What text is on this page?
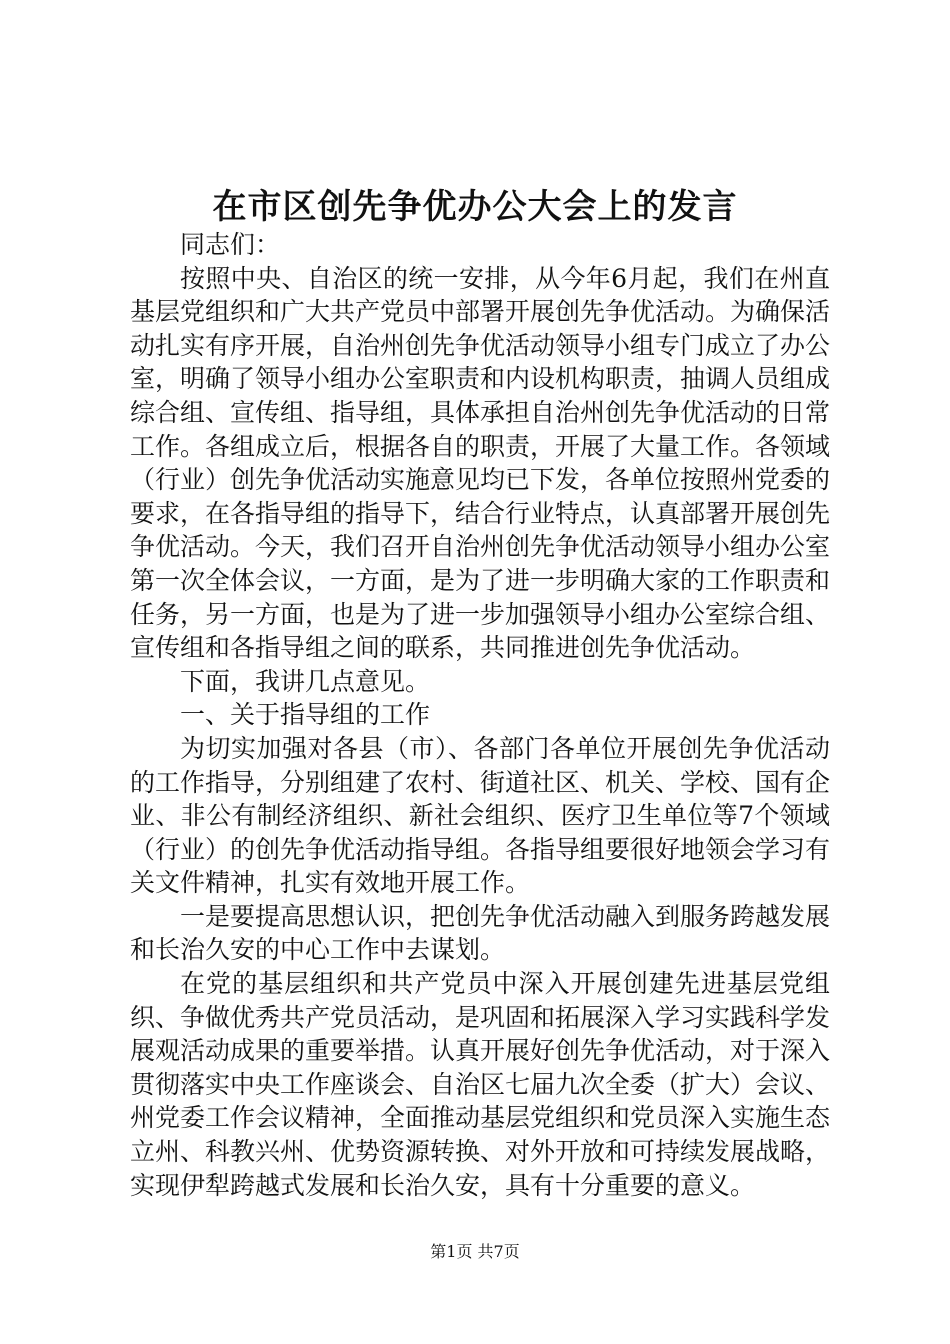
在市区创先争优办公大会上的发言

同志们：

按照中央、自治区的统一安排，从今年6月起，我们在州直基层党组织和广大共产党员中部署开展创先争优活动。为确保活动扎实有序开展，自治州创先争优活动领导小组专门成立了办公室，明确了领导小组办公室职责和内设机构职责，抽调人员组成综合组、宣传组、指导组，具体承担自治州创先争优活动的日常工作。各组成立后，根据各自的职责，开展了大量工作。各领域（行业）创先争优活动实施意见均已下发，各单位按照州党委的要求，在各指导组的指导下，结合行业特点，认真部署开展创先争优活动。今天，我们召开自治州创先争优活动领导小组办公室第一次全体会议，一方面，是为了进一步明确大家的工作职责和任务，另一方面，也是为了进一步加强领导小组办公室综合组、宣传组和各指导组之间的联系，共同推进创先争优活动。

下面，我讲几点意见。

一、关于指导组的工作

为切实加强对各县（市）、各部门各单位开展创先争优活动的工作指导，分别组建了农村、街道社区、机关、学校、国有企业、非公有制经济组织、新社会组织、医疗卫生单位等7个领域（行业）的创先争优活动指导组。各指导组要很好地领会学习有关文件精神，扎实有效地开展工作。

一是要提高思想认识，把创先争优活动融入到服务跨越发展和长治久安的中心工作中去谋划。

在党的基层组织和共产党员中深入开展创建先进基层党组织、争做优秀共产党员活动，是巩固和拓展深入学习实践科学发展观活动成果的重要举措。认真开展好创先争优活动，对于深入贯彻落实中央工作座谈会、自治区七届九次全委（扩大）会议、州党委工作会议精神，全面推动基层党组织和党员深入实施生态立州、科教兴州、优势资源转换、对外开放和可持续发展战略，实现伊犁跨越式发展和长治久安，具有十分重要的意义。

第1页 共7页
